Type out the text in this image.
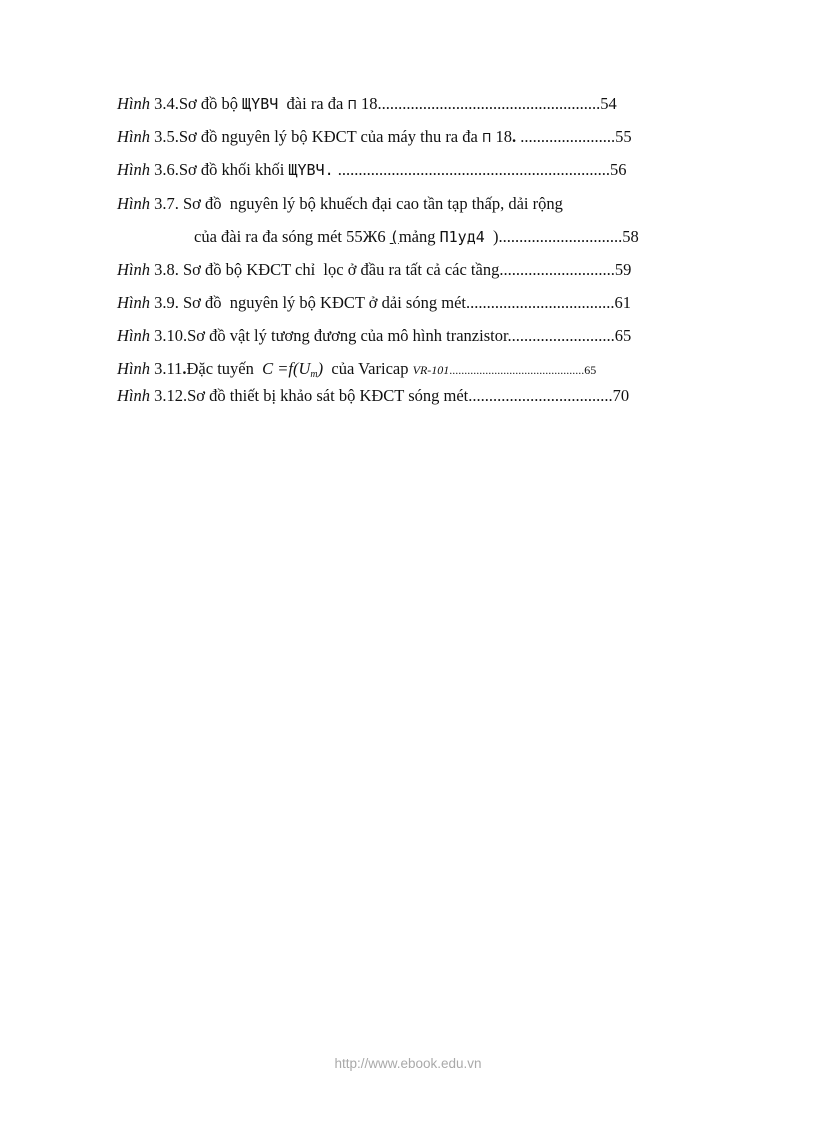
Hình 3.4.Sơ đồ bộ ЩYВЧ  đài ra đa П 18......................................................54
Hình 3.5.Sơ đồ nguyên lý bộ KĐCT của máy thu ra đa П 18. .......................55
Hình 3.6.Sơ đồ khối khối ЩYВЧ. ..................................................................56
Hình 3.7. Sơ đồ  nguyên lý bộ khuếch đại cao tần tạp thấp, dải rộng
của đài ra đa sóng mét 55Ж6 (mảng П1уд4  )..............................58
Hình 3.8. Sơ đồ bộ KĐCT chỉ  lọc ở đầu ra tất cả các tầng............................59
Hình 3.9. Sơ đồ  nguyên lý bộ KĐCT ở dải sóng mét....................................61
Hình 3.10.Sơ đồ vật lý tương đương của mô hình tranzistor..........................65
Hình 3.11.Đặc tuyến  $C =f(U_m)$  của Varicap VR-101.............................................65
Hình 3.12.Sơ đồ thiết bị khảo sát bộ KĐCT sóng mét...................................70
http://www.ebook.edu.vn
